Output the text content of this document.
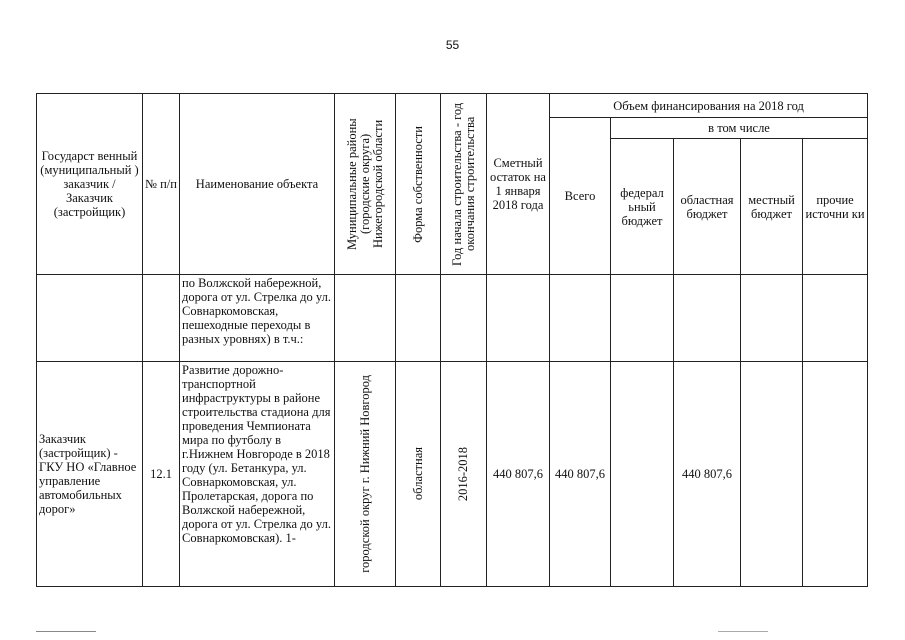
55
Государст венный (муниципальный ) заказчик / Заказчик (застройщик)	№ п/п	Наименование объекта	Муниципальные районы (городские округа) Нижегородской области	Форма собственности	Год начала строительства - год окончания строительства	Сметный остаток на 1 января 2018 года	Объем финансирования на 2018 год				
							Всего	в том числе			
								федерал ьный бюджет	областная бюджет	местный бюджет	прочие источни ки
		по Волжской набережной, дорога от ул. Стрелка до ул. Совнаркомовская, пешеходные переходы в разных уровнях) в т.ч.:									
Заказчик (застройщик) - ГКУ НО «Главное управление автомобильных дорог»	12.1	Развитие дорожно-транспортной инфраструктуры в районе строительства стадиона для проведения Чемпионата мира по футболу в г.Нижнем Новгороде в 2018 году (ул. Бетанкура, ул. Совнаркомовская, ул. Пролетарская, дорога по Волжской набережной, дорога от ул. Стрелка до ул. Совнаркомовская). 1-	городской округ г. Нижний Новгород	областная	2016-2018	440 807,6	440 807,6		440 807,6		
